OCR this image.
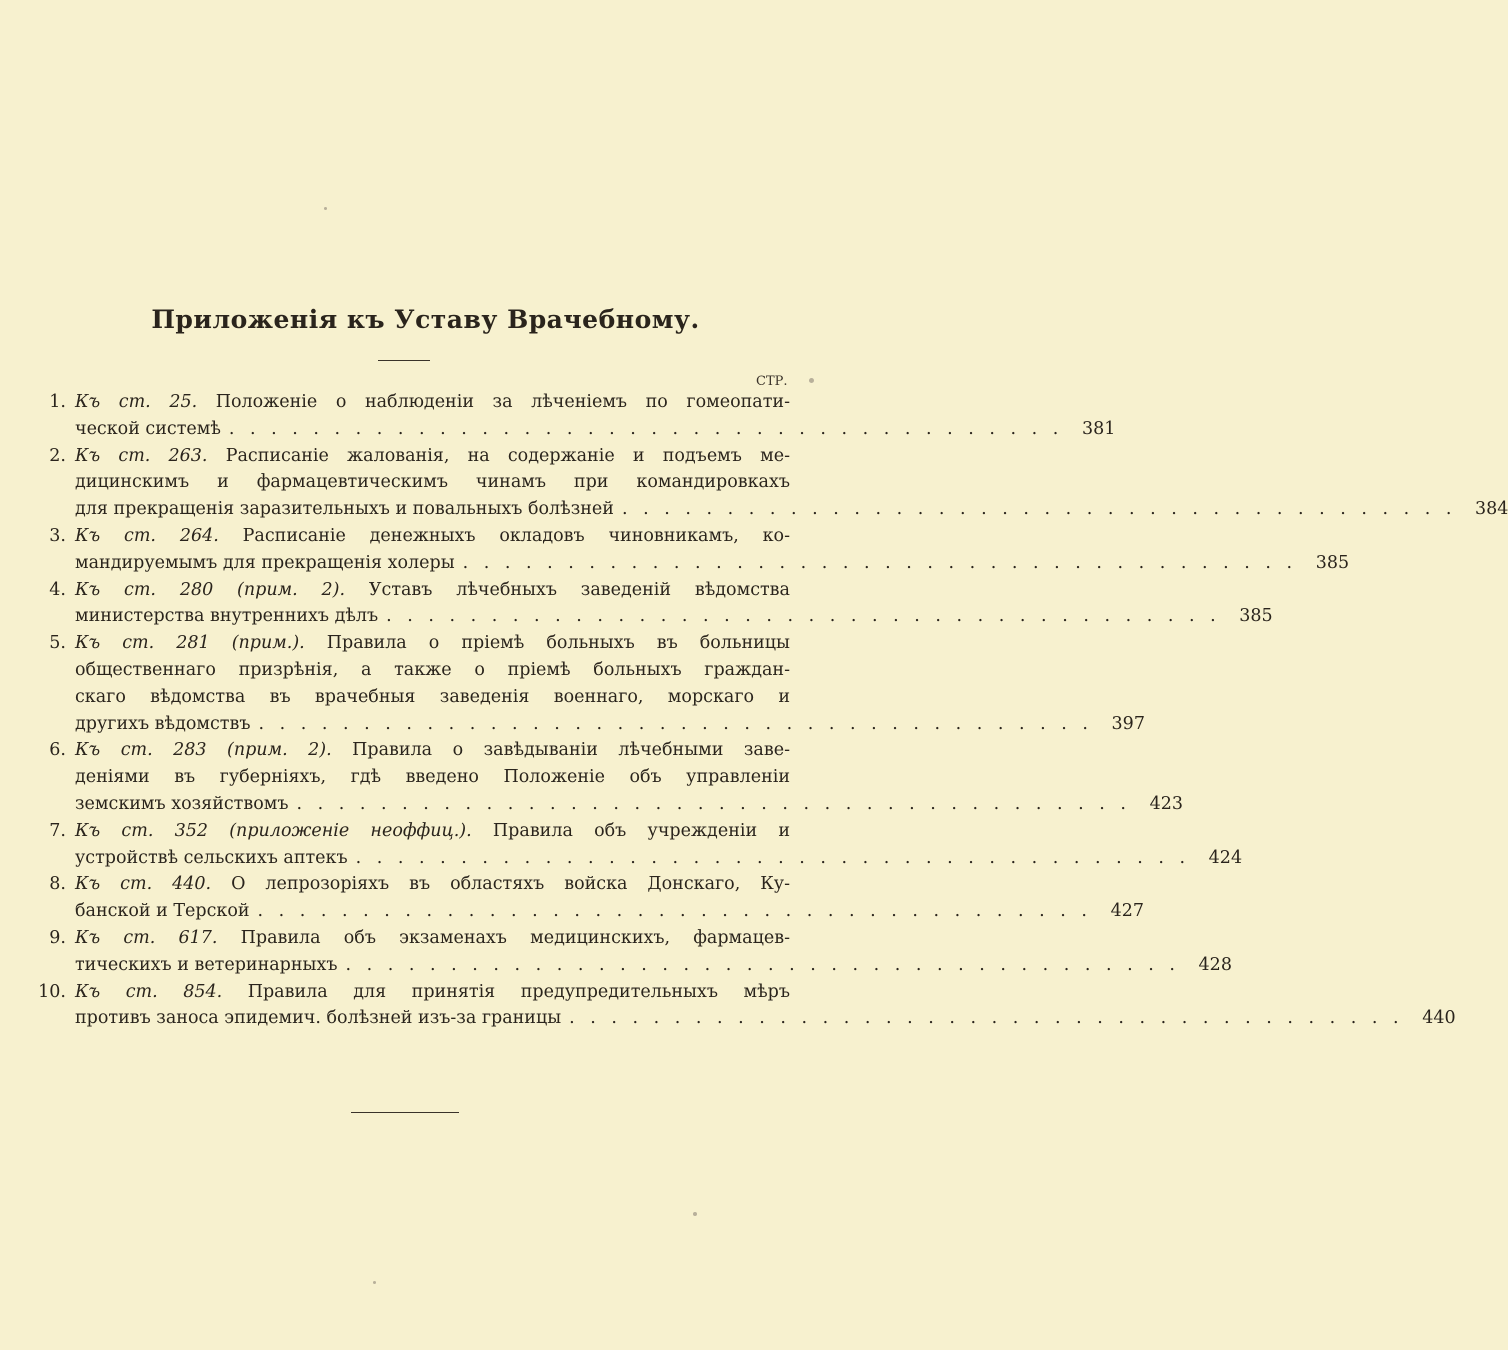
Приложенія къ Уставу Врачебному.
СТР.
1. Къ ст. 25. Положеніе о наблюденіи за лѣченіемъ по гомеопати-
ческой системѣ . . . . . . . . . . . . . . . . . . . . . . . . . . . . . . . . . . . . . . . .	381
2. Къ ст. 263. Расписаніе жалованія, на содержаніе и подъемъ ме-
дицинскимъ и фармацевтическимъ чинамъ при командировкахъ
для прекращенія заразительныхъ и повальныхъ болѣзней . . . . . . . . . . . . . . . . . . . . . . . . . . . . . . . . . . . . . . . .	384
3. Къ ст. 264. Расписаніе денежныхъ окладовъ чиновникамъ, ко-
мандируемымъ для прекращенія холеры . . . . . . . . . . . . . . . . . . . . . . . . . . . . . . . . . . . . . . . .	385
4. Къ ст. 280 (прим. 2). Уставъ лѣчебныхъ заведеній вѣдомства
министерства внутреннихъ дѣлъ . . . . . . . . . . . . . . . . . . . . . . . . . . . . . . . . . . . . . . . .	385
5. Къ ст. 281 (прим.). Правила о пріемѣ больныхъ въ больницы
общественнаго призрѣнія, а также о пріемѣ больныхъ граждан-
скаго вѣдомства въ врачебныя заведенія военнаго, морскаго и
другихъ вѣдомствъ . . . . . . . . . . . . . . . . . . . . . . . . . . . . . . . . . . . . . . . .	397
6. Къ ст. 283 (прим. 2). Правила о завѣдываніи лѣчебными заве-
деніями въ губерніяхъ, гдѣ введено Положеніе объ управленіи
земскимъ хозяйствомъ . . . . . . . . . . . . . . . . . . . . . . . . . . . . . . . . . . . . . . . .	423
7. Къ ст. 352 (приложеніе неоффиц.). Правила объ учрежденіи и
устройствѣ сельскихъ аптекъ . . . . . . . . . . . . . . . . . . . . . . . . . . . . . . . . . . . . . . . .	424
8. Къ ст. 440. О лепрозоріяхъ въ областяхъ войска Донскаго, Ку-
банской и Терской . . . . . . . . . . . . . . . . . . . . . . . . . . . . . . . . . . . . . . . .	427
9. Къ ст. 617. Правила объ экзаменахъ медицинскихъ, фармацев-
тическихъ и ветеринарныхъ . . . . . . . . . . . . . . . . . . . . . . . . . . . . . . . . . . . . . . . .	428
10. Къ ст. 854. Правила для принятія предупредительныхъ мѣръ
противъ заноса эпидемич. болѣзней изъ-за границы . . . . . . . . . . . . . . . . . . . . . . . . . . . . . . . . . . . . . . . .	440
